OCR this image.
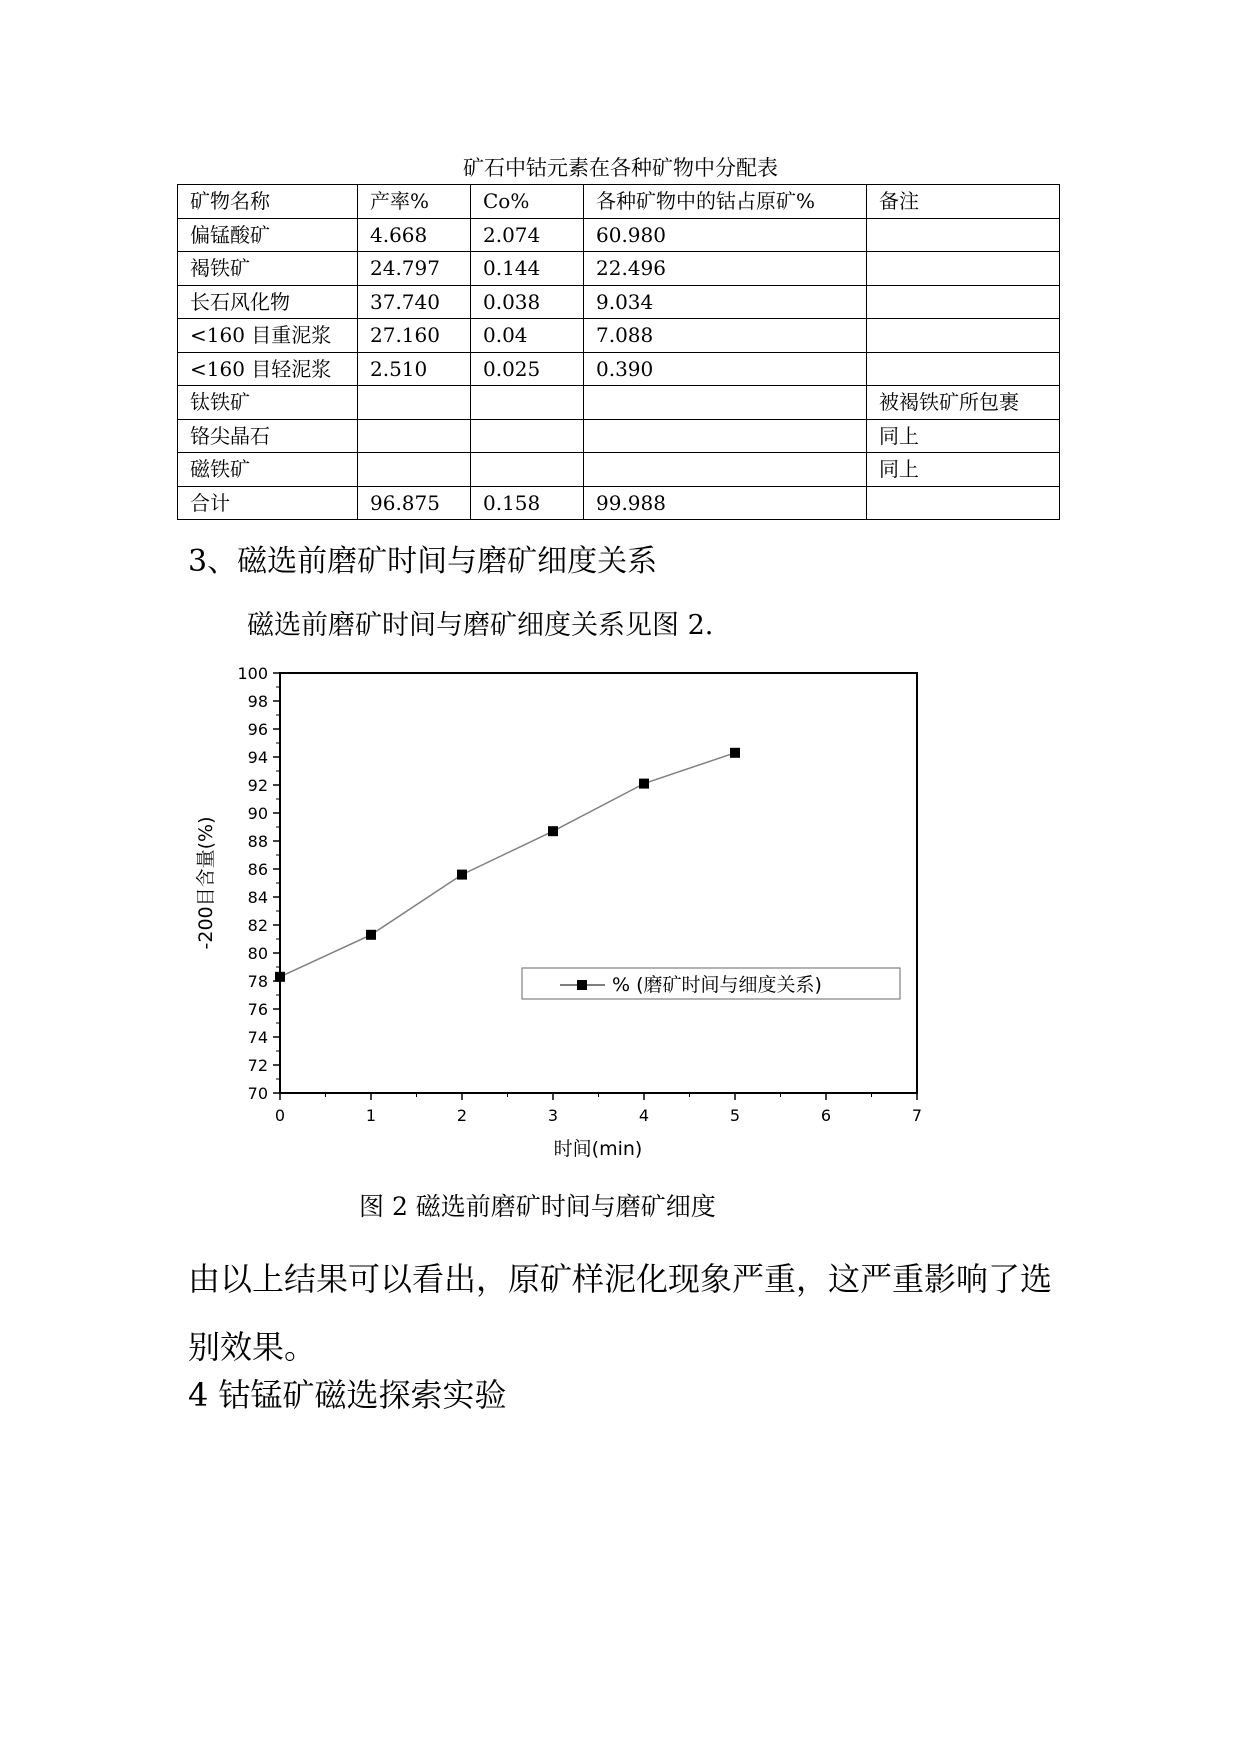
矿石中钴元素在各种矿物中分配表
矿物名称	产率%	Co%	各种矿物中的钴占原矿%	备注
偏锰酸矿	4.668	2.074	60.980	
褐铁矿	24.797	0.144	22.496	
长石风化物	37.740	0.038	9.034	
<160 目重泥浆	27.160	0.04	7.088	
<160 目轻泥浆	2.510	0.025	0.390	
钛铁矿				被褐铁矿所包裹
铬尖晶石				同上
磁铁矿				同上
合计	96.875	0.158	99.988	
3、磁选前磨矿时间与磨矿细度关系
磁选前磨矿时间与磨矿细度关系见图 2.
70
72
74
76
78
80
82
84
86
88
90
92
94
96
98
100
0	1	2	3	4	5	6	7
% (磨矿时间与细度关系)
时间(min)
-200目含量(%)
图 2 磁选前磨矿时间与磨矿细度
由以上结果可以看出，原矿样泥化现象严重，这严重影响了选别效果。
4 钴锰矿磁选探索实验
